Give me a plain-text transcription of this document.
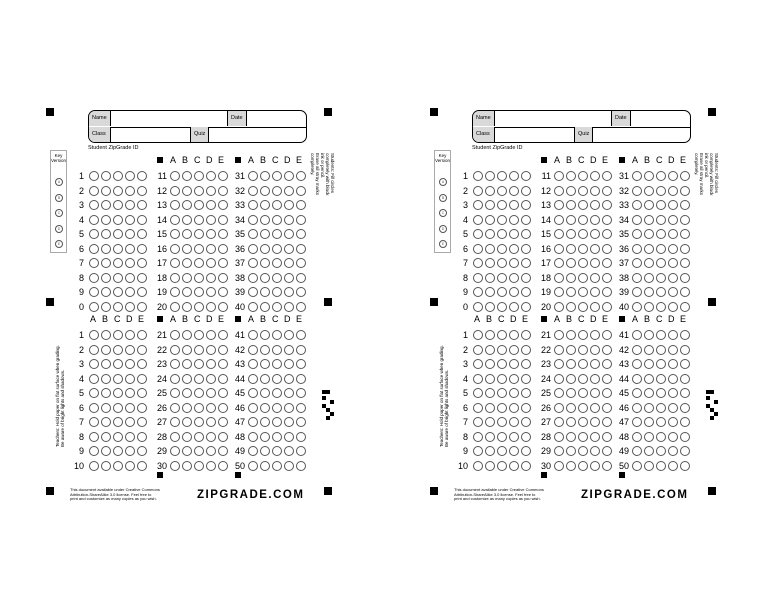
Name	Date
Class	Quiz
Student ZipGrade ID
Key
Version
A
B
C
D
E
1
2
3
4
5
6
7
8
9
0
A B C D E
11
12
13
14
15
16
17
18
19
20
A B C D E
31
32
33
34
35
36
37
38
39
40
A B C D E
1
2
3
4
5
6
7
8
9
10
A B C D E
21
22
23
24
25
26
27
28
29
30
A B C D E
41
42
43
44
45
46
47
48
49
50
Students: Fill circles completely with black ink or pencil.
Erase all stray marks completely.
Teachers: Hold paper on flat surface when grading.
Be aware of bright lights and shadows.
This document available under Creative Commons
Attribution-ShareAlike 3.0 license. Feel free to
print and customize as many copies as you wish.	ZIPGRADE.COM
Name	Date
Class	Quiz
Student ZipGrade ID
Key
Version
A
B
C
D
E
1
2
3
4
5
6
7
8
9
0
A B C D E
11
12
13
14
15
16
17
18
19
20
A B C D E
31
32
33
34
35
36
37
38
39
40
A B C D E
1
2
3
4
5
6
7
8
9
10
A B C D E
21
22
23
24
25
26
27
28
29
30
A B C D E
41
42
43
44
45
46
47
48
49
50
Students: Fill circles completely with black ink or pencil.
Erase all stray marks completely.
Teachers: Hold paper on flat surface when grading.
Be aware of bright lights and shadows.
This document available under Creative Commons
Attribution-ShareAlike 3.0 license. Feel free to
print and customize as many copies as you wish.	ZIPGRADE.COM
